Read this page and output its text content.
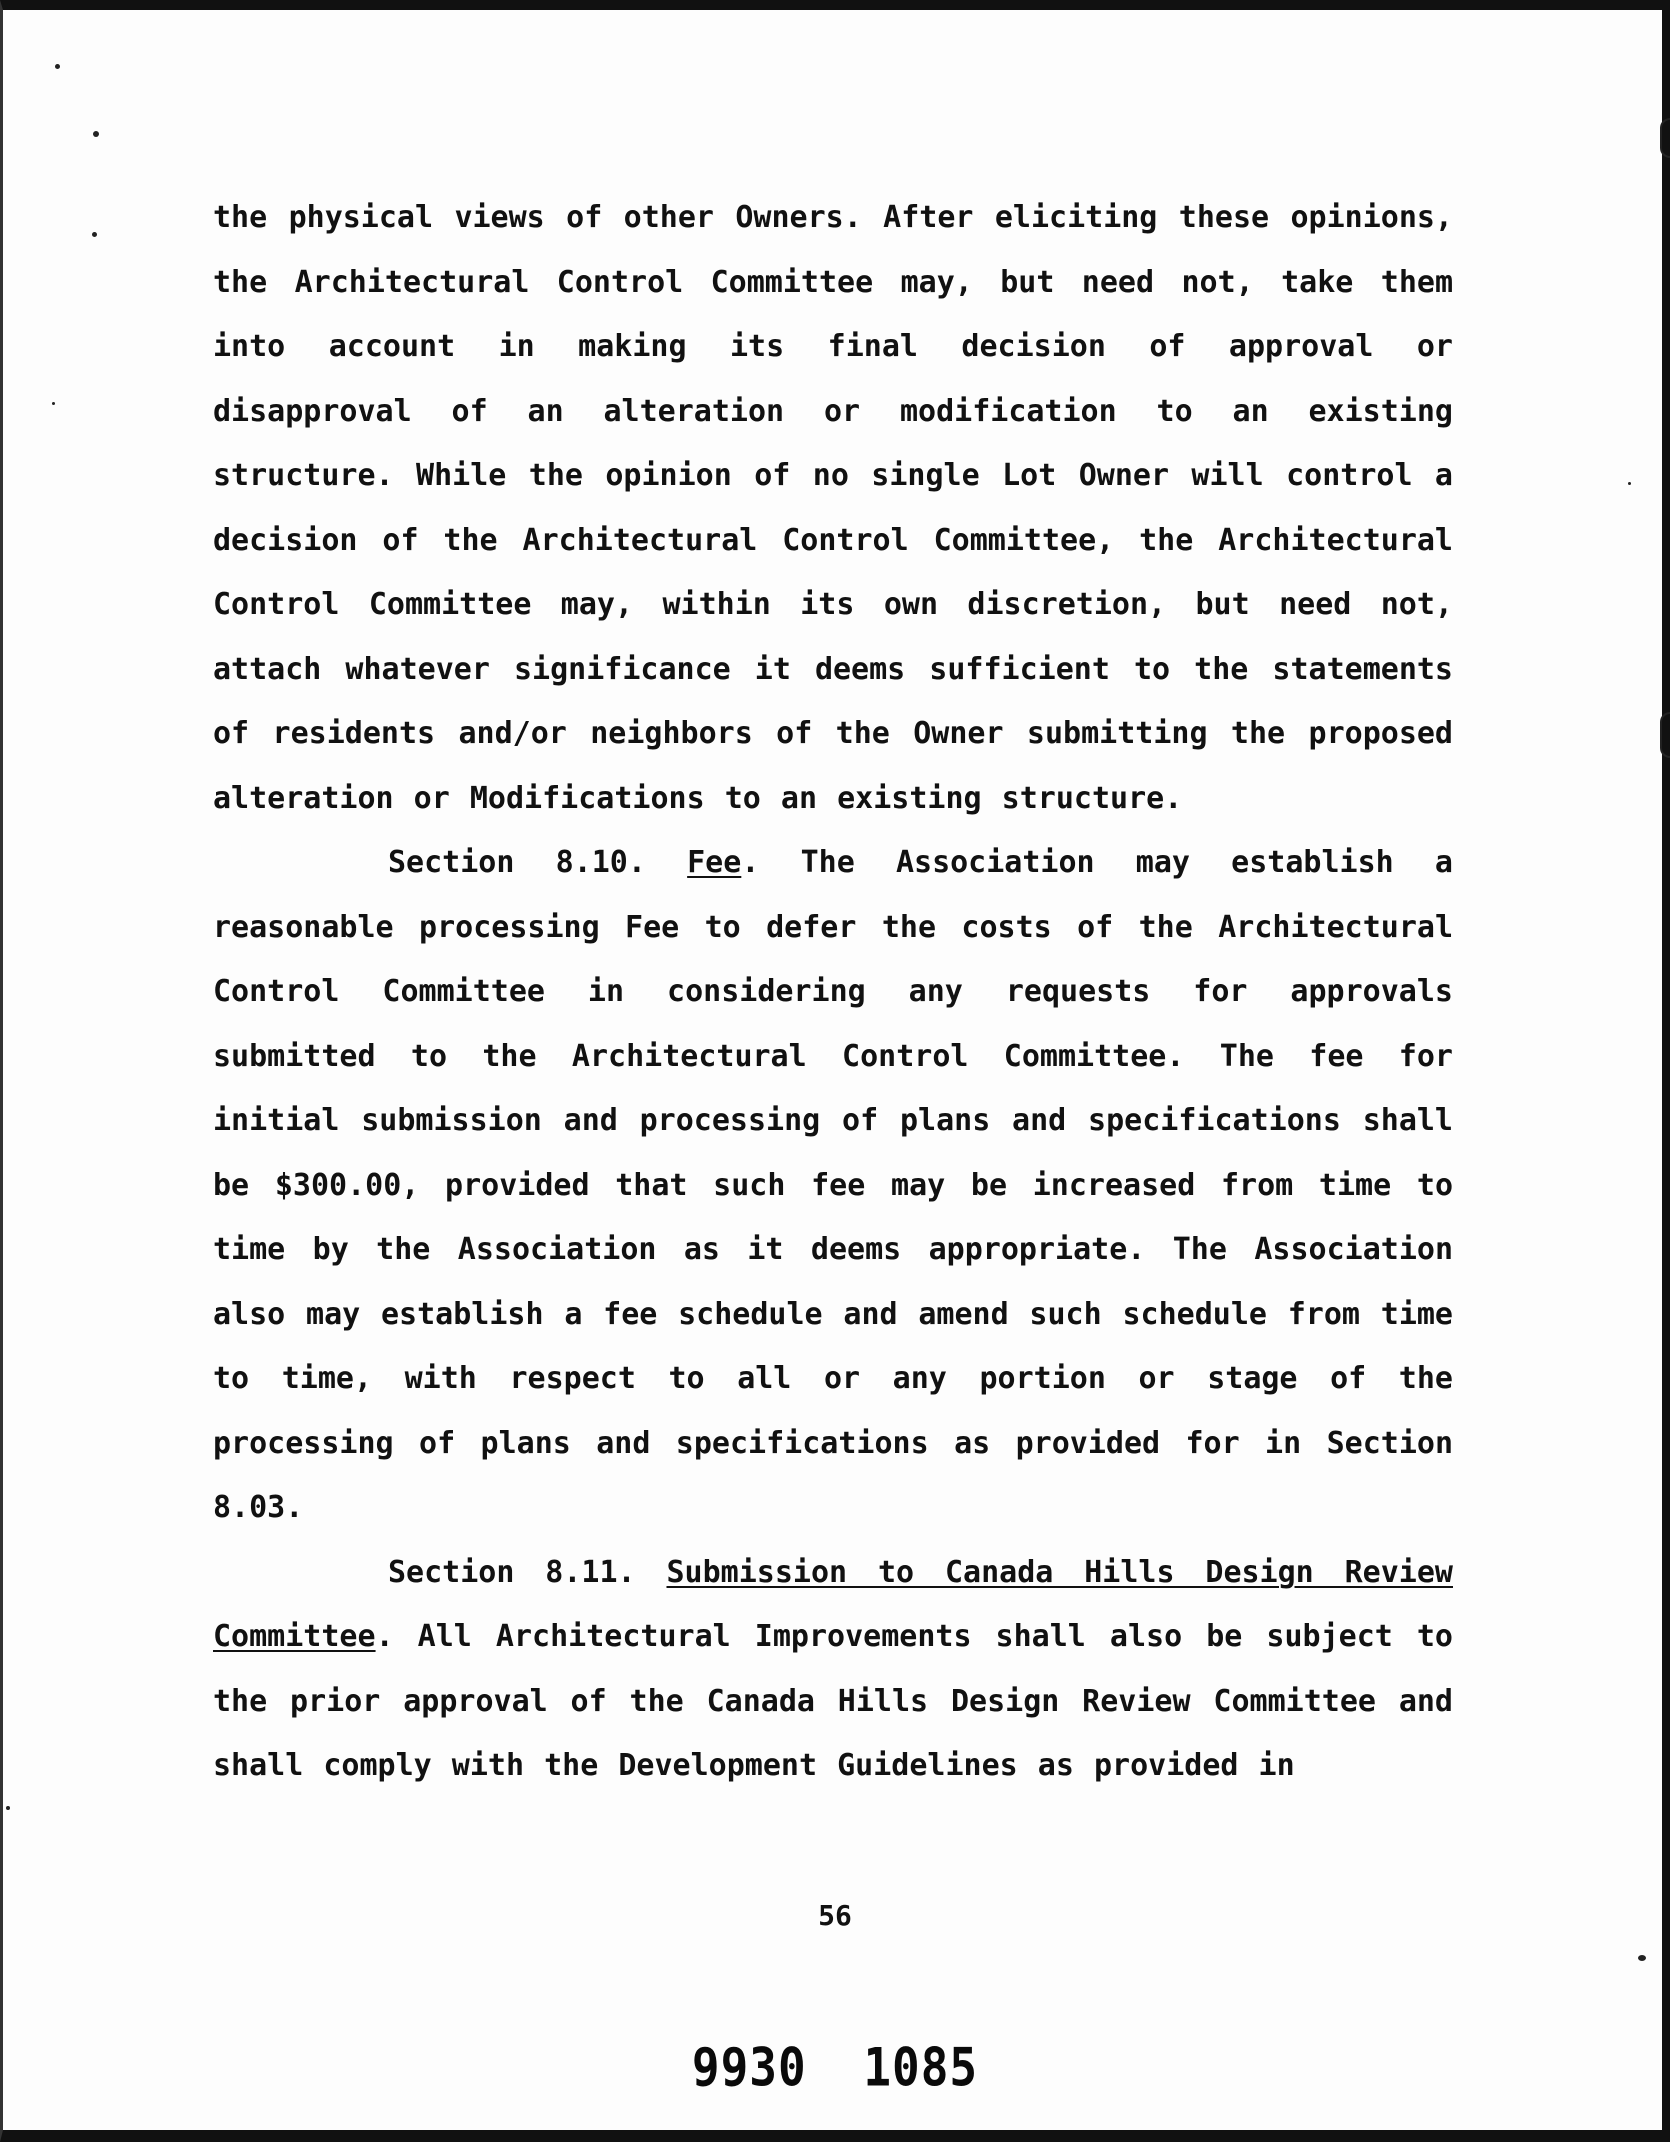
the physical views of other Owners. After eliciting these opinions, the Architectural Control Committee may, but need not, take them into account in making its final decision of approval or disapproval of an alteration or modification to an existing structure. While the opinion of no single Lot Owner will control a decision of the Architectural Control Committee, the Architectural Control Committee may, within its own discretion, but need not, attach whatever significance it deems sufficient to the statements of residents and/or neighbors of the Owner submitting the proposed alteration or Modifications to an existing structure.

Section 8.10. Fee. The Association may establish a reasonable processing Fee to defer the costs of the Architectural Control Committee in considering any requests for approvals submitted to the Architectural Control Committee. The fee for initial submission and processing of plans and specifications shall be $300.00, provided that such fee may be increased from time to time by the Association as it deems appropriate. The Association also may establish a fee schedule and amend such schedule from time to time, with respect to all or any portion or stage of the processing of plans and specifications as provided for in Section 8.03.

Section 8.11. Submission to Canada Hills Design Review Committee. All Architectural Improvements shall also be subject to the prior approval of the Canada Hills Design Review Committee and shall comply with the Development Guidelines as provided in

56
9930 1085
